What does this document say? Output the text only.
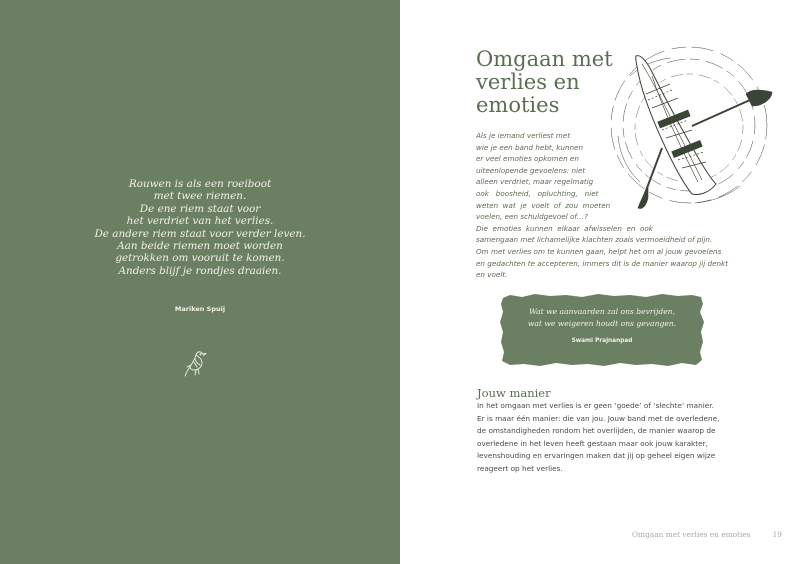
Rouwen is als een roeiboot
met twee riemen.
De ene riem staat voor
het verdriet van het verlies.
De andere riem staat voor verder leven.
Aan beide riemen moet worden
getrokken om vooruit te komen.
Anders blijf je rondjes draaien.
Mariken Spuij
Omgaan met
verlies en
emoties
Als je iemand verliest met
wie je een band hebt, kunnen
er veel emoties opkomen en
uiteenlopende gevoelens: niet
alleen verdriet, maar regelmatig
ook   boosheid,   opluchting,   niet
weten  wat  je  voelt  of  zou  moeten
voelen, een schuldgevoel of…?
Die  emoties  kunnen  elkaar  afwisselen  en  ook
samengaan met lichamelijke klachten zoals vermoeidheid of pijn.
Om met verlies om te kunnen gaan, helpt het om al jouw gevoelens
en gedachten te accepteren, immers dit is de manier waarop jij denkt
en voelt.
Wat we aanvaarden zal ons bevrijden,
wat we weigeren houdt ons gevangen.
Swami Prajnanpad
Jouw manier
In het omgaan met verlies is er geen ‘goede’ of ‘slechte’ manier.
Er is maar één manier: die van jou. Jouw band met de overledene,
de omstandigheden rondom het overlijden, de manier waarop de
overledene in het leven heeft gestaan maar ook jouw karakter,
levenshouding en ervaringen maken dat jij op geheel eigen wijze
reageert op het verlies.
Omgaan met verlies en emoties	19
